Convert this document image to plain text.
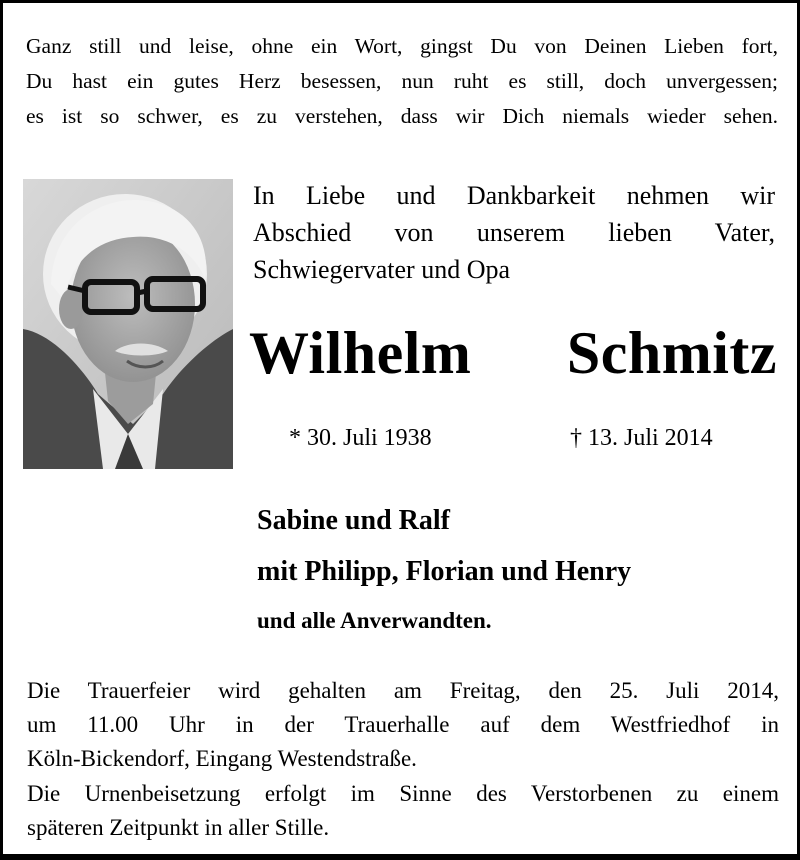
Ganz still und leise, ohne ein Wort, gingst Du von Deinen Lieben fort,
Du hast ein gutes Herz besessen, nun ruht es still, doch unvergessen;
es ist so schwer, es zu verstehen, dass wir Dich niemals wieder sehen.
In Liebe und Dankbarkeit nehmen wir
Abschied von unserem lieben Vater,
Schwiegervater und Opa
Wilhelm Schmitz
* 30. Juli 1938	† 13. Juli 2014
Sabine und Ralf
mit Philipp, Florian und Henry
und alle Anverwandten.
Die Trauerfeier wird gehalten am Freitag, den 25. Juli 2014,
um 11.00 Uhr in der Trauerhalle auf dem Westfriedhof in
Köln-Bickendorf, Eingang Westendstraße.
Die Urnenbeisetzung erfolgt im Sinne des Verstorbenen zu einem
späteren Zeitpunkt in aller Stille.
